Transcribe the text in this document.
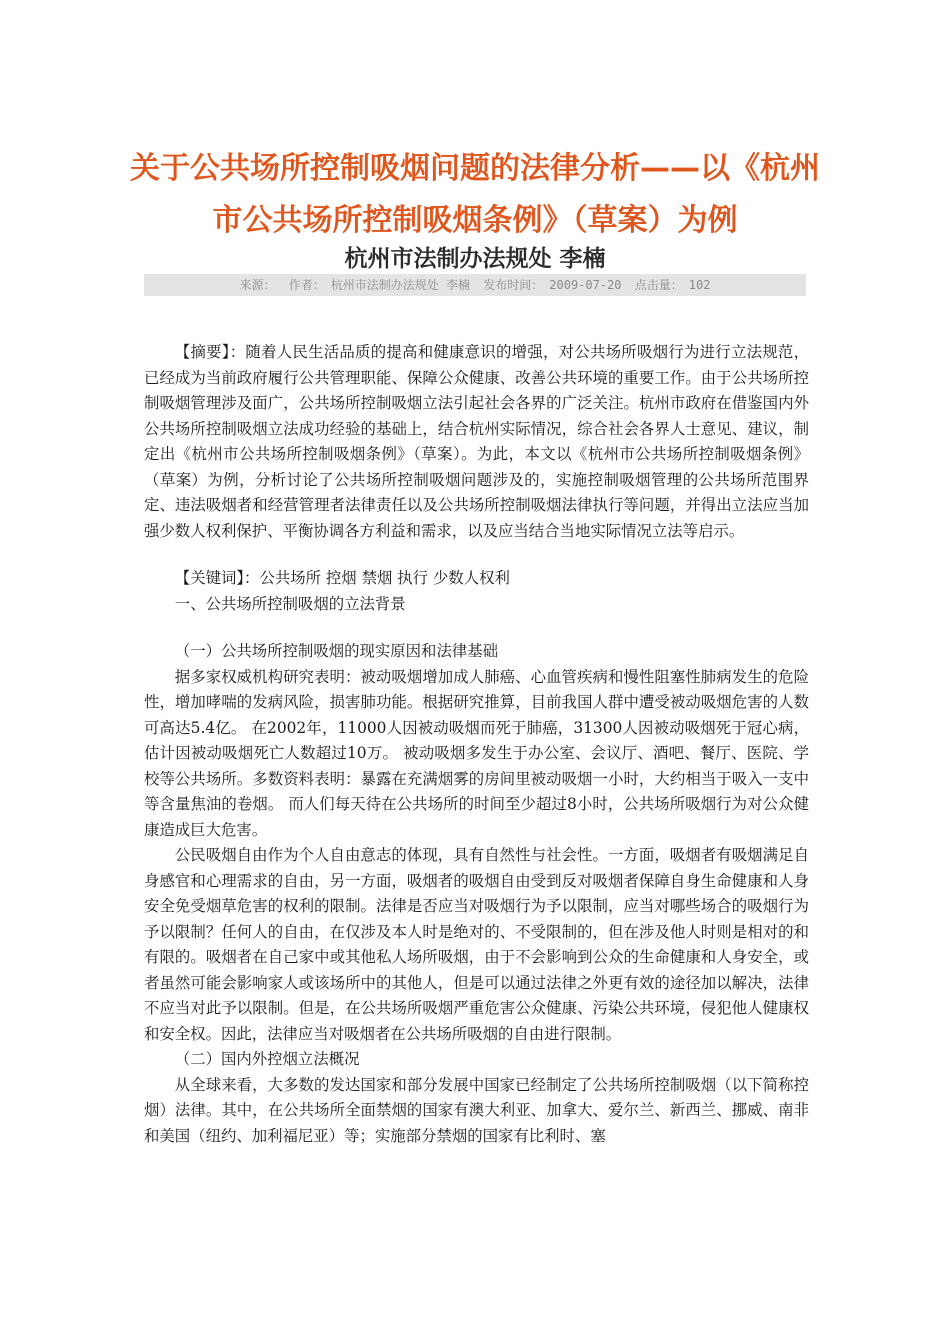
关于公共场所控制吸烟问题的法律分析——以《杭州市公共场所控制吸烟条例》（草案）为例
杭州市法制办法规处 李楠
来源： 作者： 杭州市法制办法规处 李楠 发布时间： 2009-07-20 点击量： 102

【摘要】：随着人民生活品质的提高和健康意识的增强，对公共场所吸烟行为进行立法规范，已经成为当前政府履行公共管理职能、保障公众健康、改善公共环境的重要工作。由于公共场所控制吸烟管理涉及面广，公共场所控制吸烟立法引起社会各界的广泛关注。杭州市政府在借鉴国内外公共场所控制吸烟立法成功经验的基础上，结合杭州实际情况，综合社会各界人士意见、建议，制定出《杭州市公共场所控制吸烟条例》（草案）。为此，本文以《杭州市公共场所控制吸烟条例》（草案）为例，分析讨论了公共场所控制吸烟问题涉及的，实施控制吸烟管理的公共场所范围界定、违法吸烟者和经营管理者法律责任以及公共场所控制吸烟法律执行等问题，并得出立法应当加强少数人权利保护、平衡协调各方利益和需求，以及应当结合当地实际情况立法等启示。

【关键词】：公共场所 控烟 禁烟 执行 少数人权利

一、公共场所控制吸烟的立法背景

（一）公共场所控制吸烟的现实原因和法律基础

据多家权威机构研究表明：被动吸烟增加成人肺癌、心血管疾病和慢性阻塞性肺病发生的危险性，增加哮喘的发病风险，损害肺功能。根据研究推算，目前我国人群中遭受被动吸烟危害的人数可高达5.4亿。 在2002年，11000人因被动吸烟而死于肺癌，31300人因被动吸烟死于冠心病，估计因被动吸烟死亡人数超过10万。 被动吸烟多发生于办公室、会议厅、酒吧、餐厅、医院、学校等公共场所。多数资料表明：暴露在充满烟雾的房间里被动吸烟一小时，大约相当于吸入一支中等含量焦油的卷烟。 而人们每天待在公共场所的时间至少超过8小时，公共场所吸烟行为对公众健康造成巨大危害。

公民吸烟自由作为个人自由意志的体现，具有自然性与社会性。一方面，吸烟者有吸烟满足自身感官和心理需求的自由，另一方面，吸烟者的吸烟自由受到反对吸烟者保障自身生命健康和人身安全免受烟草危害的权利的限制。法律是否应当对吸烟行为予以限制，应当对哪些场合的吸烟行为予以限制？任何人的自由，在仅涉及本人时是绝对的、不受限制的，但在涉及他人时则是相对的和有限的。吸烟者在自己家中或其他私人场所吸烟，由于不会影响到公众的生命健康和人身安全，或者虽然可能会影响家人或该场所中的其他人，但是可以通过法律之外更有效的途径加以解决，法律不应当对此予以限制。但是，在公共场所吸烟严重危害公众健康、污染公共环境，侵犯他人健康权和安全权。因此，法律应当对吸烟者在公共场所吸烟的自由进行限制。

（二）国内外控烟立法概况

从全球来看，大多数的发达国家和部分发展中国家已经制定了公共场所控制吸烟（以下简称控烟）法律。其中，在公共场所全面禁烟的国家有澳大利亚、加拿大、爱尔兰、新西兰、挪威、南非和美国（纽约、加利福尼亚）等；实施部分禁烟的国家有比利时、塞
